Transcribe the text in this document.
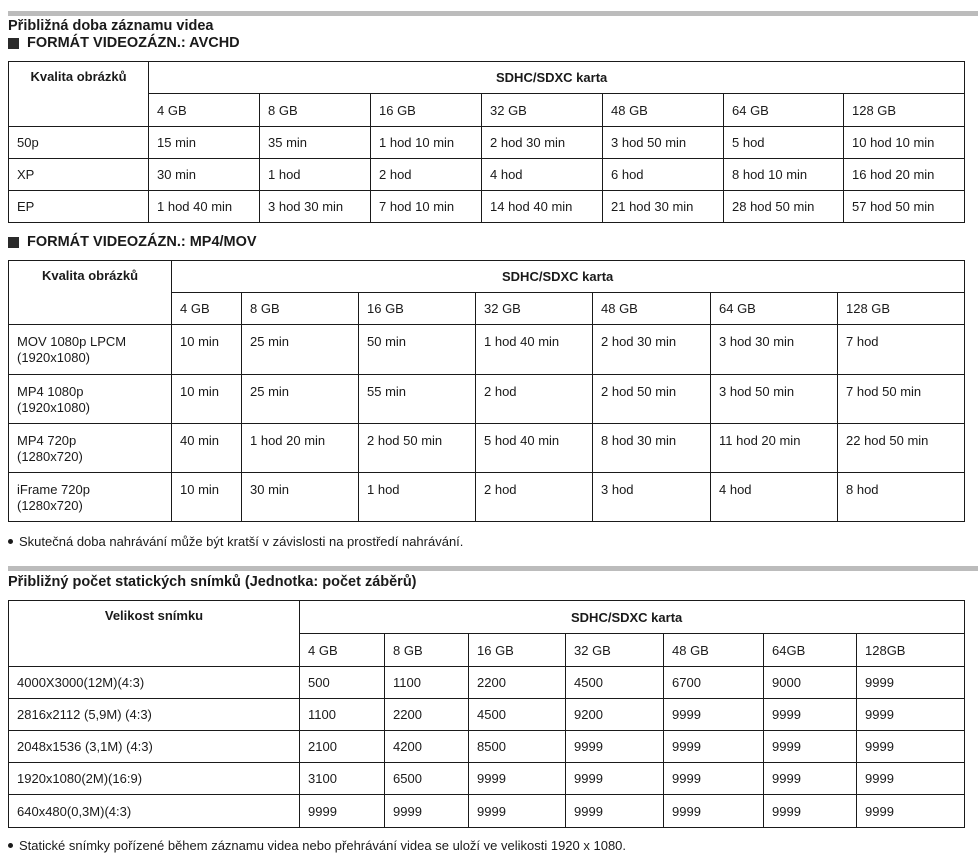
Přibližná doba záznamu videa
FORMÁT VIDEOZÁZN.: AVCHD
Kvalita obrázků	SDHC/SDXC karta						
	4 GB	8 GB	16 GB	32 GB	48 GB	64 GB	128 GB
50p	15 min	35 min	1 hod 10 min	2 hod 30 min	3 hod 50 min	5 hod	10 hod 10 min
XP	30 min	1 hod	2 hod	4 hod	6 hod	8 hod 10 min	16 hod 20 min
EP	1 hod 40 min	3 hod 30 min	7 hod 10 min	14 hod 40 min	21 hod 30 min	28 hod 50 min	57 hod 50 min
FORMÁT VIDEOZÁZN.: MP4/MOV
Kvalita obrázků	SDHC/SDXC karta						
	4 GB	8 GB	16 GB	32 GB	48 GB	64 GB	128 GB
MOV 1080p LPCM
(1920x1080)	10 min	25 min	50 min	1 hod 40 min	2 hod 30 min	3 hod 30 min	7 hod
MP4 1080p
(1920x1080)	10 min	25 min	55 min	2 hod	2 hod 50 min	3 hod 50 min	7 hod 50 min
MP4 720p
(1280x720)	40 min	1 hod 20 min	2 hod 50 min	5 hod 40 min	8 hod 30 min	11 hod 20 min	22 hod 50 min
iFrame 720p
(1280x720)	10 min	30 min	1 hod	2 hod	3 hod	4 hod	8 hod
Skutečná doba nahrávání může být kratší v závislosti na prostředí nahrávání.
Přibližný počet statických snímků (Jednotka: počet záběrů)
Velikost snímku	SDHC/SDXC karta						
	4 GB	8 GB	16 GB	32 GB	48 GB	64GB	128GB
4000X3000(12M)(4:3)	500	1100	2200	4500	6700	9000	9999
2816x2112 (5,9M) (4:3)	1100	2200	4500	9200	9999	9999	9999
2048x1536 (3,1M) (4:3)	2100	4200	8500	9999	9999	9999	9999
1920x1080(2M)(16:9)	3100	6500	9999	9999	9999	9999	9999
640x480(0,3M)(4:3)	9999	9999	9999	9999	9999	9999	9999
Statické snímky pořízené během záznamu videa nebo přehrávání videa se uloží ve velikosti 1920 x 1080.
